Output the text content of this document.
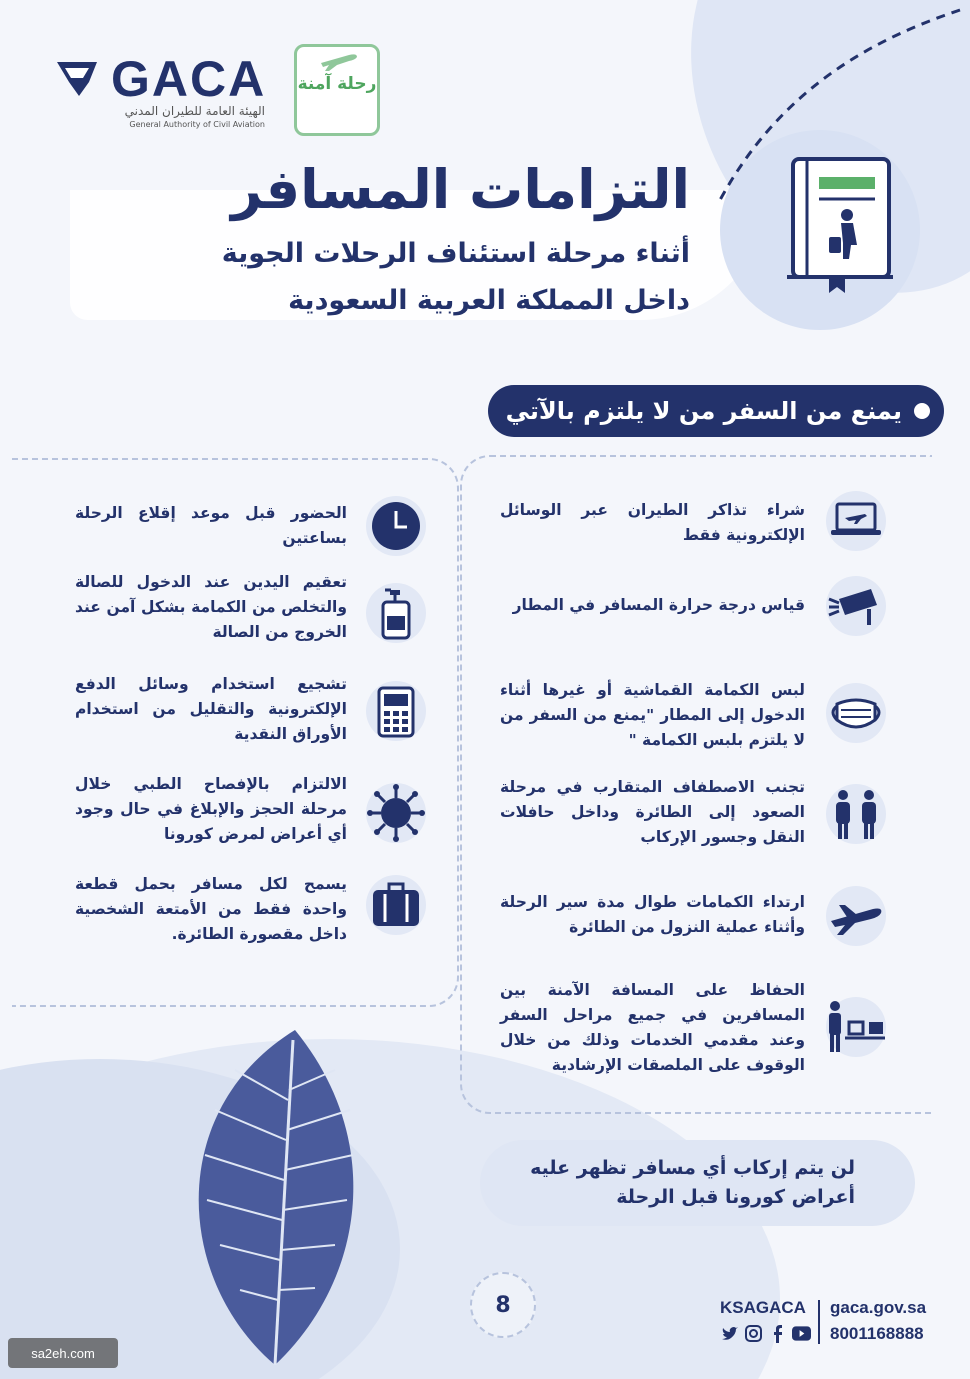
GACA
الهيئة العامة للطيران المدني
General Authority of Civil Aviation
رحلة آمنة
التزامات المسافر
أثناء مرحلة استئناف الرحلات الجوية
داخل المملكة العربية السعودية
يمنع من السفر من لا يلتزم بالآتي
شراء تذاكر الطيران عبر الوسائل الإلكترونية فقط
قياس درجة حرارة المسافر في المطار
لبس الكمامة القماشية أو غيرها أثناء الدخول إلى المطار "يمنع من السفر من لا يلتزم بلبس الكمامة "
تجنب الاصطفاف المتقارب في مرحلة الصعود إلى الطائرة وداخل حافلات النقل وجسور الإركاب
ارتداء الكمامات طوال مدة سير الرحلة وأثناء عملية النزول من الطائرة
الحفاظ على المسافة الآمنة بين المسافرين في جميع مراحل السفر وعند مقدمي الخدمات وذلك من خلال الوقوف على الملصقات الإرشادية
الحضور قبل موعد إقلاع الرحلة بساعتين
تعقيم اليدين عند الدخول للصالة والتخلص من الكمامة بشكل آمن عند الخروج من الصالة
تشجيع استخدام وسائل الدفع الإلكترونية والتقليل من استخدام الأوراق النقدية
الالتزام بالإفصاح الطبي خلال مرحلة الحجز والإبلاغ في حال وجود أي أعراض لمرض كورونا
يسمح لكل مسافر بحمل قطعة واحدة فقط من الأمتعة الشخصية داخل مقصورة الطائرة.
لن يتم إركاب أي مسافر تظهر عليه
أعراض كورونا قبل الرحلة
8	KSAGACA gaca.gov.sa
8001168888
sa2eh.com
